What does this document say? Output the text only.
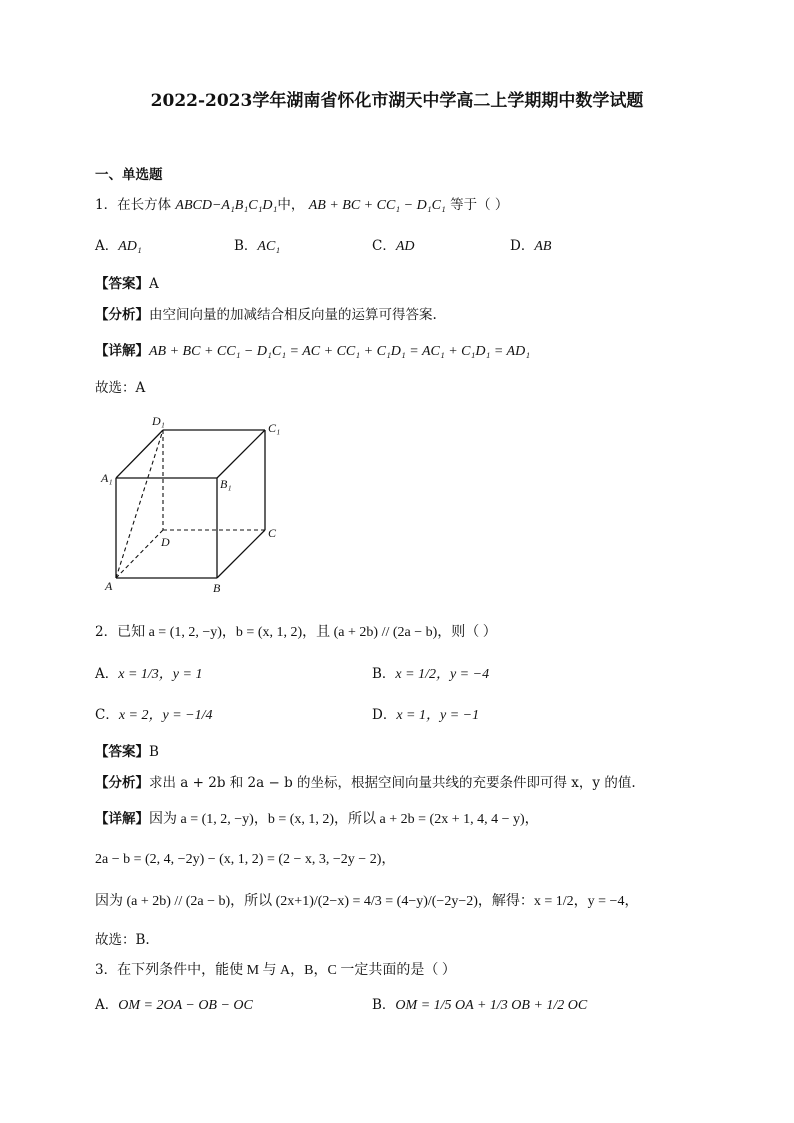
2022-2023学年湖南省怀化市湖天中学高二上学期期中数学试题
一、单选题
1．在长方体 ABCD−A₁B₁C₁D₁中， AB + BC + CC₁ − D₁C₁ 等于（ ）
A．AD₁	B．AC₁	C．AD	D．AB
【答案】A
【分析】由空间向量的加减结合相反向量的运算可得答案.
【详解】AB + BC + CC₁ − D₁C₁ = AC + CC₁ + C₁D₁ = AC₁ + C₁D₁ = AD₁
故选：A
D₁	C₁
A₁	B₁
D
C
A	B
2．已知 a = (1, 2, −y)，b = (x, 1, 2)，且 (a + 2b) // (2a − b)，则（ ）
A．x = 1/3，y = 1	B．x = 1/2，y = −4
C．x = 2，y = −1/4	D．x = 1，y = −1
【答案】B
【分析】求出 a + 2b 和 2a − b 的坐标，根据空间向量共线的充要条件即可得 x，y 的值.
【详解】因为 a = (1, 2, −y)，b = (x, 1, 2)，所以 a + 2b = (2x + 1, 4, 4 − y)，
2a − b = (2, 4, −2y) − (x, 1, 2) = (2 − x, 3, −2y − 2)，
因为 (a + 2b) // (2a − b)，所以 (2x+1)/(2−x) = 4/3 = (4−y)/(−2y−2)，解得：x = 1/2，y = −4，
故选：B.
3．在下列条件中，能使 M 与 A，B，C 一定共面的是（ ）
A．OM = 2OA − OB − OC	B．OM = 1/5 OA + 1/3 OB + 1/2 OC
